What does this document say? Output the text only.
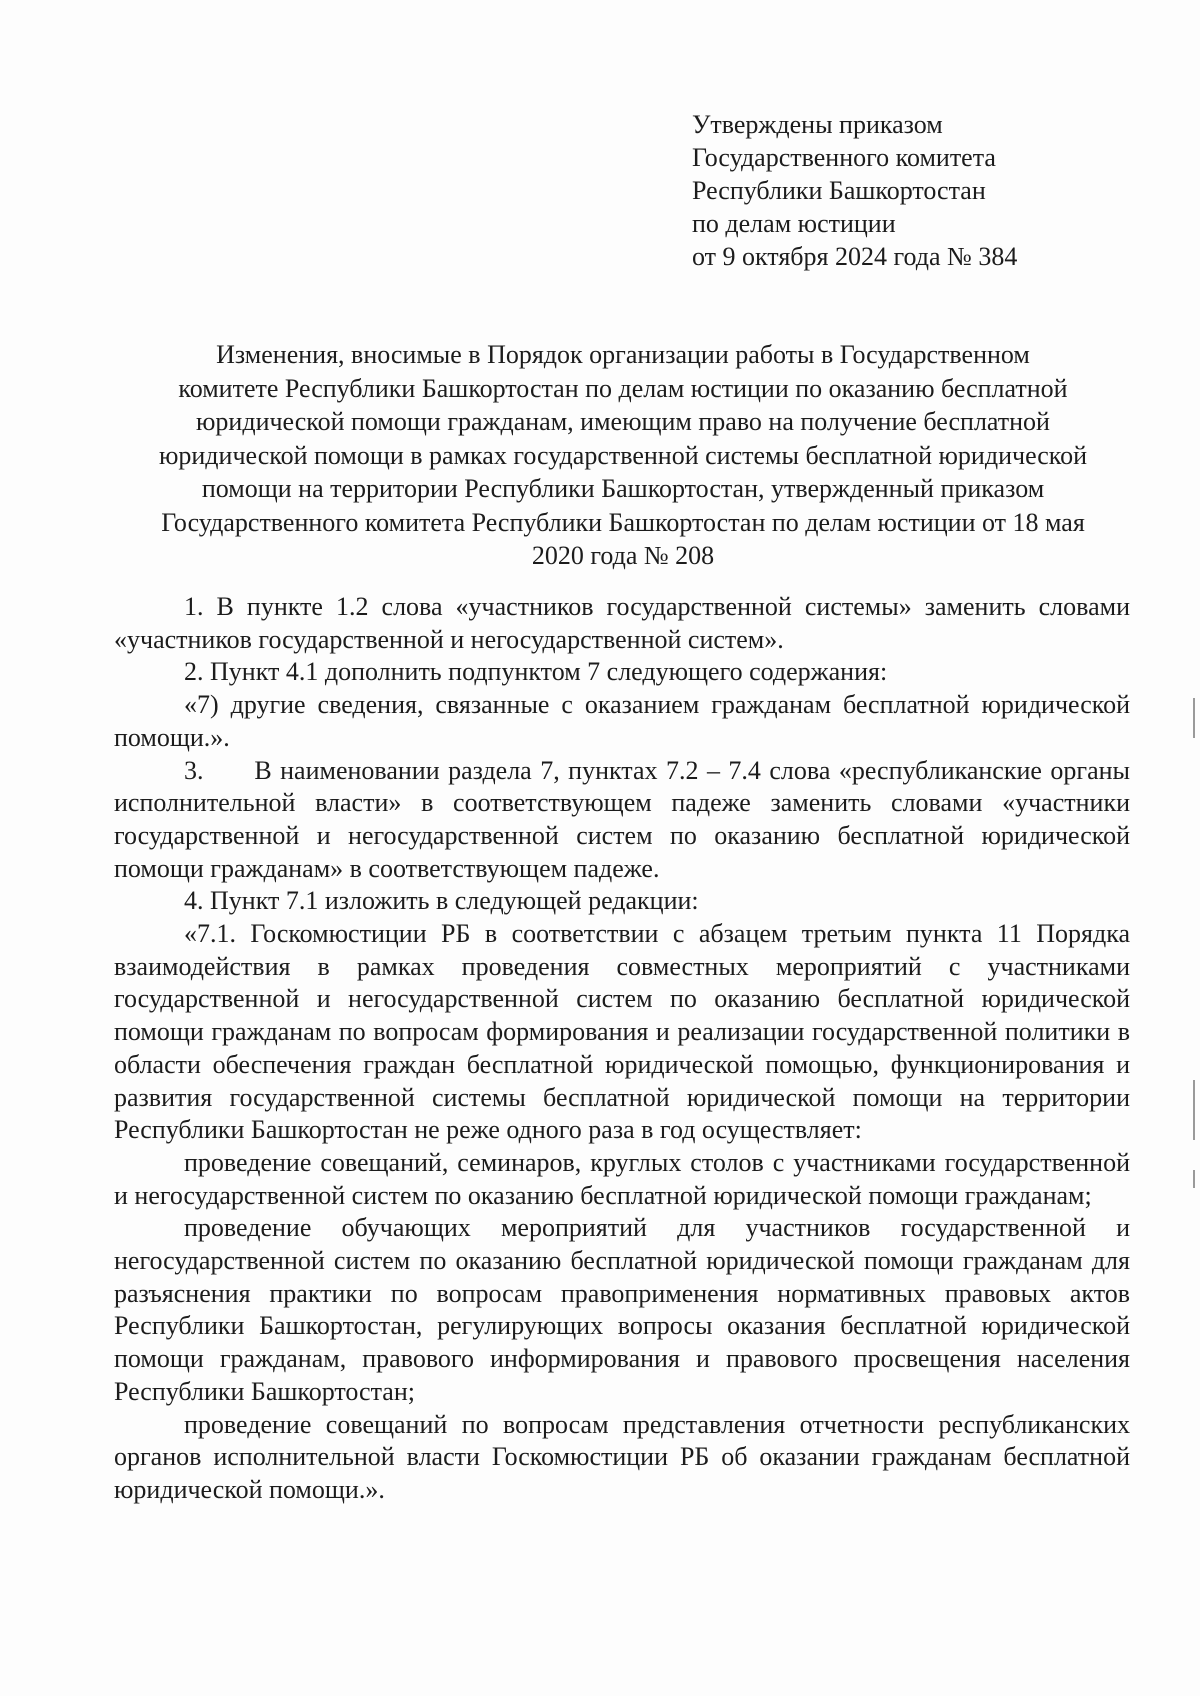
Утверждены приказом
Государственного комитета
Республики Башкортостан
по делам юстиции
от 9 октября 2024 года № 384
Изменения, вносимые в Порядок организации работы в Государственном
комитете Республики Башкортостан по делам юстиции по оказанию бесплатной
юридической помощи гражданам, имеющим право на получение бесплатной
юридической помощи в рамках государственной системы бесплатной юридической
помощи на территории Республики Башкортостан, утвержденный приказом
Государственного комитета Республики Башкортостан по делам юстиции от 18 мая
2020 года № 208

1. В пункте 1.2 слова «участников государственной системы» заменить словами «участников государственной и негосударственной систем».

2. Пункт 4.1 дополнить подпунктом 7 следующего содержания:

«7) другие сведения, связанные с оказанием гражданам бесплатной юридической помощи.».

3.      В наименовании раздела 7, пунктах 7.2 – 7.4 слова «республиканские органы исполнительной власти» в соответствующем падеже заменить словами «участники государственной и негосударственной систем по оказанию бесплатной юридической помощи гражданам» в соответствующем падеже.

4. Пункт 7.1 изложить в следующей редакции:

«7.1. Госкомюстиции РБ в соответствии с абзацем третьим пункта 11 Порядка взаимодействия в рамках проведения совместных мероприятий с участниками государственной и негосударственной систем по оказанию бесплатной юридической помощи гражданам по вопросам формирования и реализации государственной политики в области обеспечения граждан бесплатной юридической помощью, функционирования и развития государственной системы бесплатной юридической помощи на территории Республики Башкортостан не реже одного раза в год осуществляет:

проведение совещаний, семинаров, круглых столов с участниками государственной и негосударственной систем по оказанию бесплатной юридической помощи гражданам;

проведение обучающих мероприятий для участников государственной и негосударственной систем по оказанию бесплатной юридической помощи гражданам для разъяснения практики по вопросам правоприменения нормативных правовых актов Республики Башкортостан, регулирующих вопросы оказания бесплатной юридической помощи гражданам, правового информирования и правового просвещения населения Республики Башкортостан;

проведение совещаний по вопросам представления отчетности республиканских органов исполнительной власти Госкомюстиции РБ об оказании гражданам бесплатной юридической помощи.».
